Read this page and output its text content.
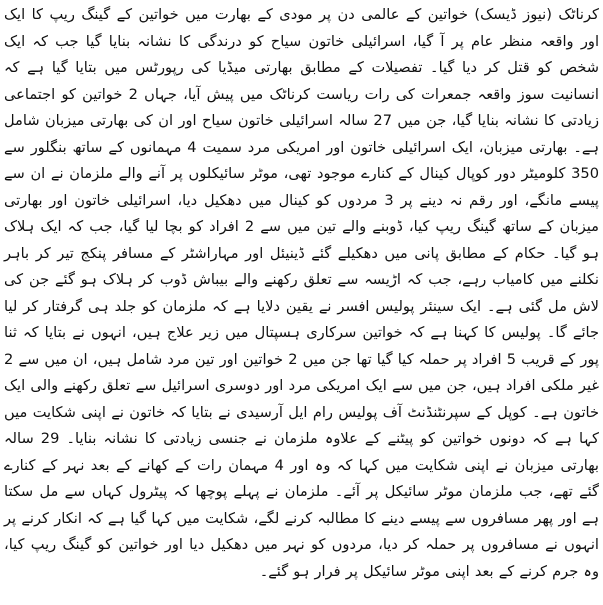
کرناٹک (نیوز ڈیسک) خواتین کے عالمی دن پر مودی کے بھارت میں خواتین کے گینگ ریپ کا ایک اور واقعہ منظر عام پر آ گیا، اسرائیلی خاتون سیاح کو درندگی کا نشانہ بنایا گیا جب کہ ایک شخص کو قتل کر دیا گیا۔ تفصیلات کے مطابق بھارتی میڈیا کی رپورٹس میں بتایا گیا ہے کہ انسانیت سوز واقعہ جمعرات کی رات ریاست کرناٹک میں پیش آیا، جہاں 2 خواتین کو اجتماعی زیادتی کا نشانہ بنایا گیا، جن میں 27 سالہ اسرائیلی خاتون سیاح اور ان کی بھارتی میزبان شامل ہے۔ بھارتی میزبان، ایک اسرائیلی خاتون اور امریکی مرد سمیت 4 مہمانوں کے ساتھ بنگلور سے 350 کلومیٹر دور کوپال کینال کے کنارے موجود تھی، موٹر سائیکلوں پر آنے والے ملزمان نے ان سے پیسے مانگے، اور رقم نہ دینے پر 3 مردوں کو کینال میں دھکیل دیا، اسرائیلی خاتون اور بھارتی میزبان کے ساتھ گینگ ریپ کیا، ڈوبنے والے تین میں سے 2 افراد کو بچا لیا گیا، جب کہ ایک ہلاک ہو گیا۔ حکام کے مطابق پانی میں دھکیلے گئے ڈینیئل اور مہاراشٹر کے مسافر پنکج تیر کر باہر نکلنے میں کامیاب رہے، جب کہ اڑیسہ سے تعلق رکھنے والے بیباش ڈوب کر ہلاک ہو گئے جن کی لاش مل گئی ہے۔ ایک سینئر پولیس افسر نے یقین دلایا ہے کہ ملزمان کو جلد ہی گرفتار کر لیا جائے گا۔ پولیس کا کہنا ہے کہ خواتین سرکاری ہسپتال میں زیر علاج ہیں، انہوں نے بتایا کہ ثنا پور کے قریب 5 افراد پر حملہ کیا گیا تھا جن میں 2 خواتین اور تین مرد شامل ہیں، ان میں سے 2 غیر ملکی افراد ہیں، جن میں سے ایک امریکی مرد اور دوسری اسرائیل سے تعلق رکھنے والی ایک خاتون ہے۔ کوپل کے سپرنٹنڈنٹ آف پولیس رام ایل آرسیدی نے بتایا کہ خاتون نے اپنی شکایت میں کہا ہے کہ دونوں خواتین کو پیٹنے کے علاوہ ملزمان نے جنسی زیادتی کا نشانہ بنایا۔ 29 سالہ بھارتی میزبان نے اپنی شکایت میں کہا کہ وہ اور 4 مہمان رات کے کھانے کے بعد نہر کے کنارے گئے تھے، جب ملزمان موٹر سائیکل پر آئے۔ ملزمان نے پہلے پوچھا کہ پیٹرول کہاں سے مل سکتا ہے اور پھر مسافروں سے پیسے دینے کا مطالبہ کرنے لگے، شکایت میں کہا گیا ہے کہ انکار کرنے پر انہوں نے مسافروں پر حملہ کر دیا، مردوں کو نہر میں دھکیل دیا اور خواتین کو گینگ ریپ کیا، وہ جرم کرنے کے بعد اپنی موٹر سائیکل پر فرار ہو گئے۔
